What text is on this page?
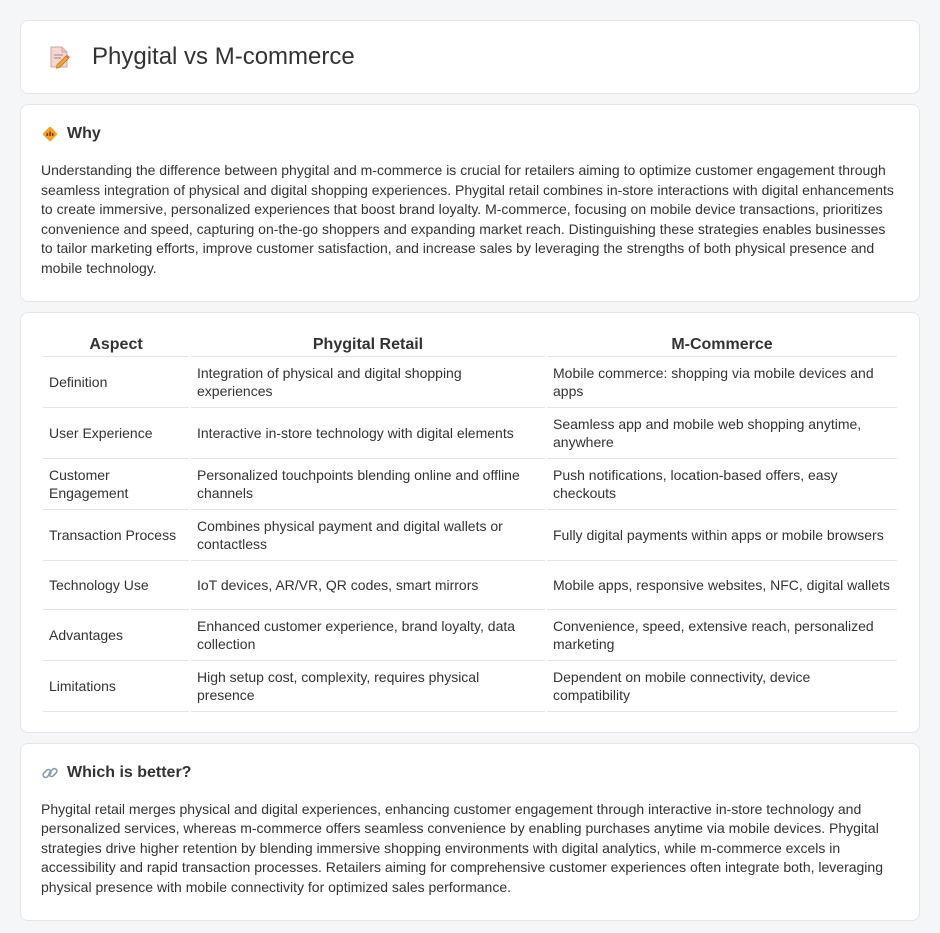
Phygital vs M-commerce
Why

Understanding the difference between phygital and m-commerce is crucial for retailers aiming to optimize customer engagement through seamless integration of physical and digital shopping experiences. Phygital retail combines in-store interactions with digital enhancements to create immersive, personalized experiences that boost brand loyalty. M-commerce, focusing on mobile device transactions, prioritizes convenience and speed, capturing on-the-go shoppers and expanding market reach. Distinguishing these strategies enables businesses to tailor marketing efforts, improve customer satisfaction, and increase sales by leveraging the strengths of both physical presence and mobile technology.

Aspect	Phygital Retail	M-Commerce
Definition	Integration of physical and digital shopping experiences	Mobile commerce: shopping via mobile devices and apps
User Experience	Interactive in-store technology with digital elements	Seamless app and mobile web shopping anytime, anywhere
Customer Engagement	Personalized touchpoints blending online and offline channels	Push notifications, location-based offers, easy checkouts
Transaction Process	Combines physical payment and digital wallets or contactless	Fully digital payments within apps or mobile browsers
Technology Use	IoT devices, AR/VR, QR codes, smart mirrors	Mobile apps, responsive websites, NFC, digital wallets
Advantages	Enhanced customer experience, brand loyalty, data collection	Convenience, speed, extensive reach, personalized marketing
Limitations	High setup cost, complexity, requires physical presence	Dependent on mobile connectivity, device compatibility
Which is better?

Phygital retail merges physical and digital experiences, enhancing customer engagement through interactive in-store technology and personalized services, whereas m-commerce offers seamless convenience by enabling purchases anytime via mobile devices. Phygital strategies drive higher retention by blending immersive shopping environments with digital analytics, while m-commerce excels in accessibility and rapid transaction processes. Retailers aiming for comprehensive customer experiences often integrate both, leveraging physical presence with mobile connectivity for optimized sales performance.
